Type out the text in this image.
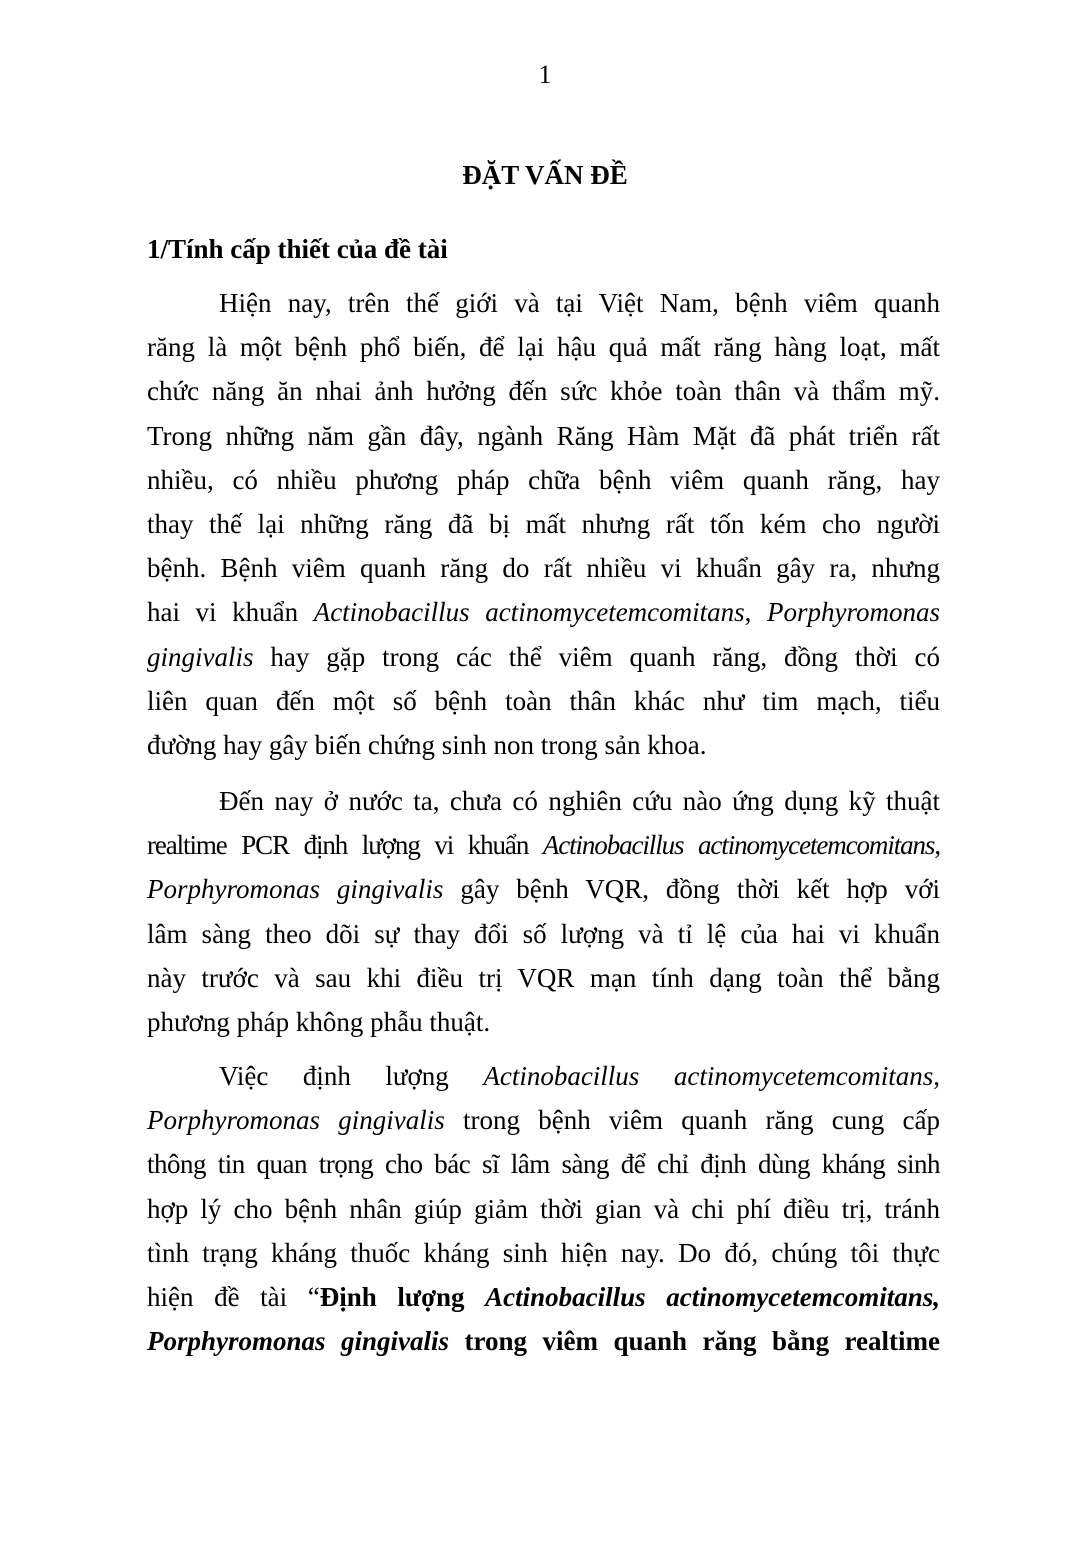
1
ĐẶT VẤN ĐỀ
1/Tính cấp thiết của đề tài
Hiện nay, trên thế giới và tại Việt Nam, bệnh viêm quanh
răng là một bệnh phổ biến, để lại hậu quả mất răng hàng loạt, mất
chức năng ăn nhai ảnh hưởng đến sức khỏe toàn thân và thẩm mỹ.
Trong những năm gần đây, ngành Răng Hàm Mặt đã phát triển rất
nhiều, có nhiều phương pháp chữa bệnh viêm quanh răng, hay
thay thế lại những răng đã bị mất nhưng rất tốn kém cho người
bệnh. Bệnh viêm quanh răng do rất nhiều vi khuẩn gây ra, nhưng
hai vi khuẩn Actinobacillus actinomycetemcomitans, Porphyromonas
gingivalis hay gặp trong các thể viêm quanh răng, đồng thời có
liên quan đến một số bệnh toàn thân khác như tim mạch, tiểu
đường hay gây biến chứng sinh non trong sản khoa.
Đến nay ở nước ta, chưa có nghiên cứu nào ứng dụng kỹ thuật
realtime PCR định lượng vi khuẩn Actinobacillus actinomycetemcomitans,
Porphyromonas gingivalis gây bệnh VQR, đồng thời kết hợp với
lâm sàng theo dõi sự thay đổi số lượng và tỉ lệ của hai vi khuẩn
này trước và sau khi điều trị VQR mạn tính dạng toàn thể bằng
phương pháp không phẫu thuật.
Việc định lượng Actinobacillus actinomycetemcomitans,
Porphyromonas gingivalis trong bệnh viêm quanh răng cung cấp
thông tin quan trọng cho bác sĩ lâm sàng để chỉ định dùng kháng sinh
hợp lý cho bệnh nhân giúp giảm thời gian và chi phí điều trị, tránh
tình trạng kháng thuốc kháng sinh hiện nay. Do đó, chúng tôi thực
hiện đề tài “Định lượng Actinobacillus actinomycetemcomitans,
Porphyromonas gingivalis trong viêm quanh răng bằng realtime
